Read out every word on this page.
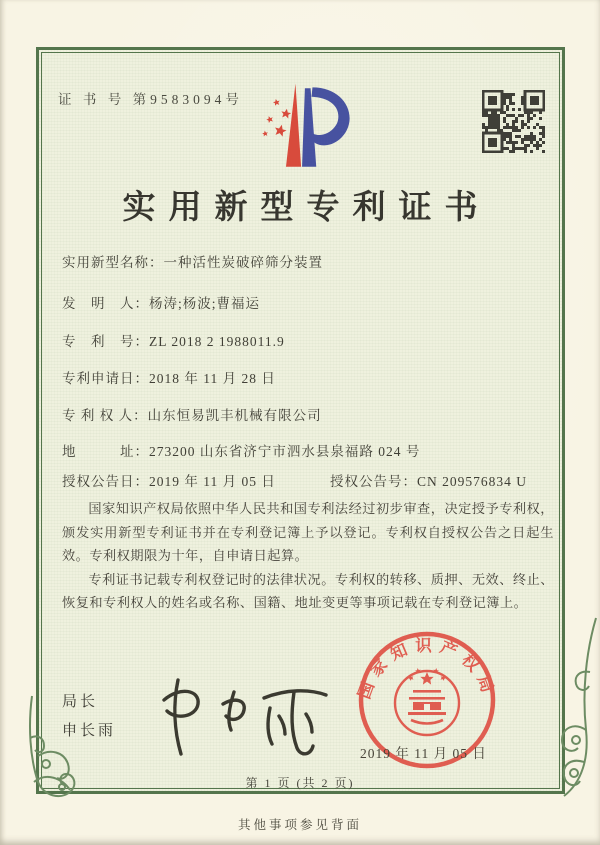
证 书 号 第9583094号
实用新型专利证书
实用新型名称：一种活性炭破碎筛分装置
发　明　人：杨涛;杨波;曹福运
专　利　号：ZL 2018 2 1988011.9
专利申请日：2018 年 11 月 28 日
专 利 权 人：山东恒易凯丰机械有限公司
地　　　址：273200 山东省济宁市泗水县泉福路 024 号
授权公告日：2019 年 11 月 05 日	授权公告号：CN 209576834 U

国家知识产权局依照中华人民共和国专利法经过初步审查，决定授予专利权，颁发实用新型专利证书并在专利登记簿上予以登记。专利权自授权公告之日起生效。专利权期限为十年，自申请日起算。

专利证书记载专利权登记时的法律状况。专利权的转移、质押、无效、终止、恢复和专利权人的姓名或名称、国籍、地址变更等事项记载在专利登记簿上。

局长
申长雨
国家知识产权局
2019 年 11 月 05 日
第 1 页 (共 2 页)
其他事项参见背面
